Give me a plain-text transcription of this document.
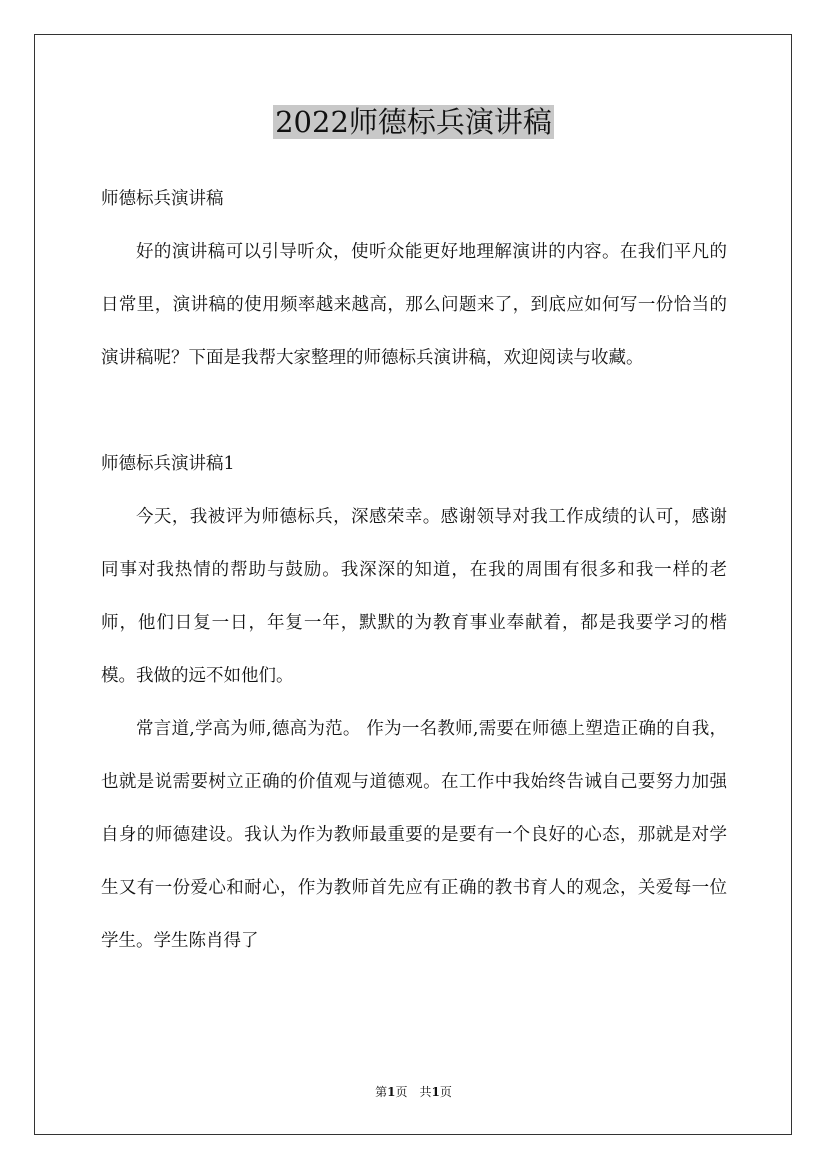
2022师德标兵演讲稿

师德标兵演讲稿

好的演讲稿可以引导听众，使听众能更好地理解演讲的内容。在我们平凡的日常里，演讲稿的使用频率越来越高，那么问题来了，到底应如何写一份恰当的演讲稿呢？下面是我帮大家整理的师德标兵演讲稿，欢迎阅读与收藏。

师德标兵演讲稿1

今天，我被评为师德标兵，深感荣幸。感谢领导对我工作成绩的认可，感谢同事对我热情的帮助与鼓励。我深深的知道，在我的周围有很多和我一样的老师，他们日复一日，年复一年，默默的为教育事业奉献着，都是我要学习的楷模。我做的远不如他们。

常言道,学高为师,德高为范。 作为一名教师,需要在师德上塑造正确的自我，也就是说需要树立正确的价值观与道德观。在工作中我始终告诫自己要努力加强自身的师德建设。我认为作为教师最重要的是要有一个良好的心态，那就是对学生又有一份爱心和耐心，作为教师首先应有正确的教书育人的观念，关爱每一位学生。学生陈肖得了

第1页 共1页
